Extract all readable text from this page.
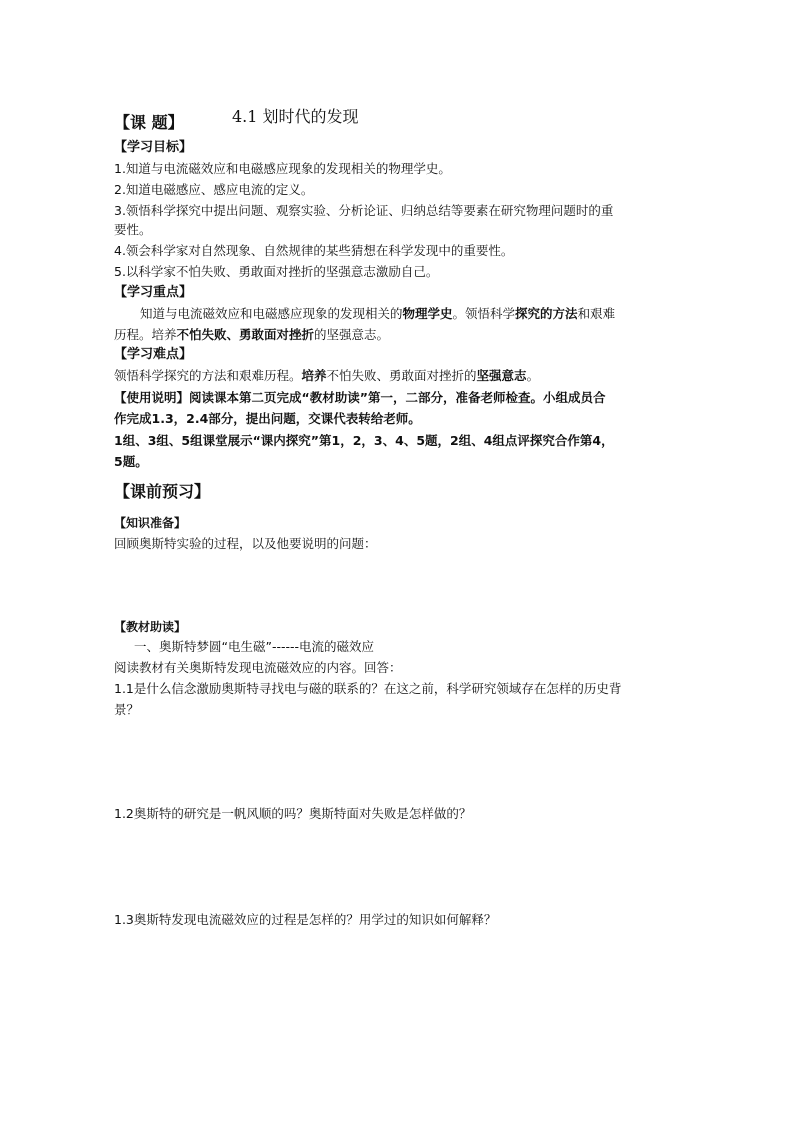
【课 题】	4.1 划时代的发现
【学习目标】
1.知道与电流磁效应和电磁感应现象的发现相关的物理学史。
2.知道电磁感应、感应电流的定义。
3.领悟科学探究中提出问题、观察实验、分析论证、归纳总结等要素在研究物理问题时的重
要性。
4.领会科学家对自然现象、自然规律的某些猜想在科学发现中的重要性。
5.以科学家不怕失败、勇敢面对挫折的坚强意志激励自己。
【学习重点】
知道与电流磁效应和电磁感应现象的发现相关的物理学史。领悟科学探究的方法和艰难
历程。培养不怕失败、勇敢面对挫折的坚强意志。
【学习难点】
领悟科学探究的方法和艰难历程。培养不怕失败、勇敢面对挫折的坚强意志。
【使用说明】阅读课本第二页完成“教材助读”第一，二部分，准备老师检查。小组成员合
作完成1.3，2.4部分，提出问题，交课代表转给老师。
1组、3组、5组课堂展示“课内探究”第1，2，3、4、5题，2组、4组点评探究合作第4，
5题。
【课前预习】
【知识准备】
回顾奥斯特实验的过程，以及他要说明的问题：
【教材助读】
一、奥斯特梦圆“电生磁”------电流的磁效应
阅读教材有关奥斯特发现电流磁效应的内容。回答：
1.1是什么信念激励奥斯特寻找电与磁的联系的？在这之前，科学研究领域存在怎样的历史背
景？
1.2奥斯特的研究是一帆风顺的吗？奥斯特面对失败是怎样做的？
1.3奥斯特发现电流磁效应的过程是怎样的？用学过的知识如何解释？
